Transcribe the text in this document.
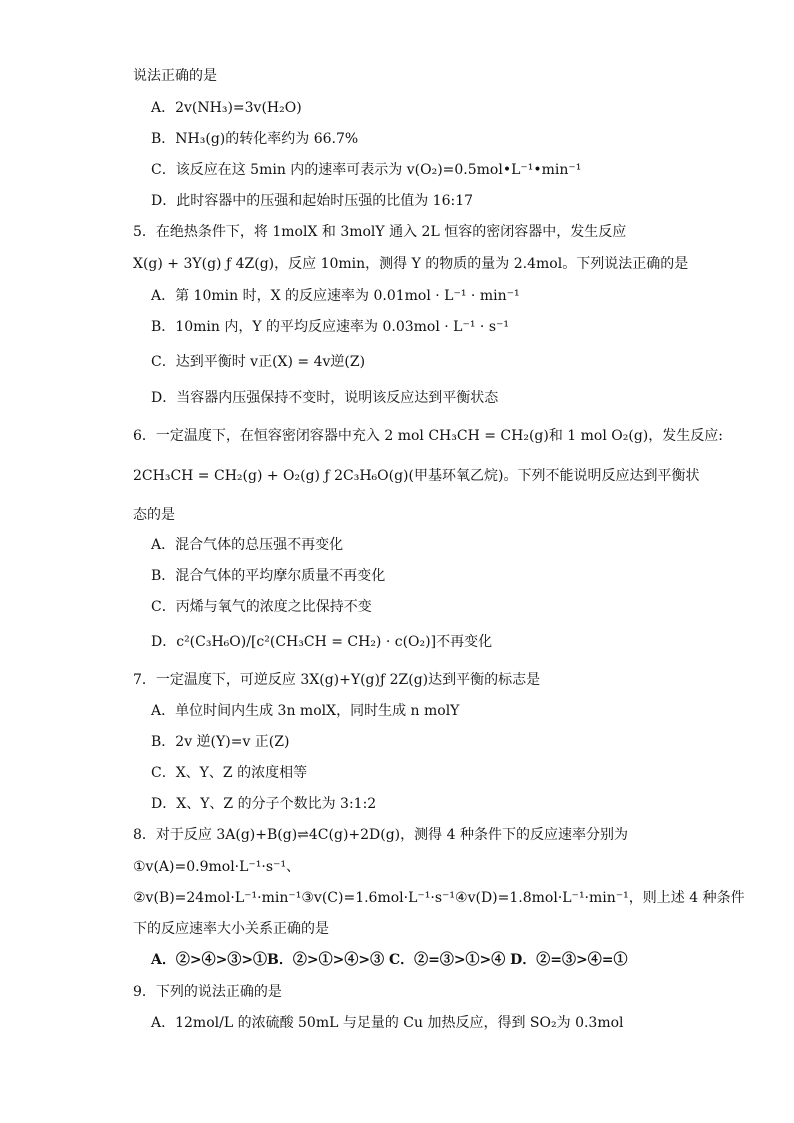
说法正确的是
A．2v(NH₃)=3v(H₂O)
B．NH₃(g)的转化率约为 66.7%
C．该反应在这 5min 内的速率可表示为 v(O₂)=0.5mol•L⁻¹•min⁻¹
D．此时容器中的压强和起始时压强的比值为 16:17
5．在绝热条件下，将 1molX 和 3molY 通入 2L 恒容的密闭容器中，发生反应
X(g) + 3Y(g) ƒ 4Z(g)，反应 10min，测得 Y 的物质的量为 2.4mol。下列说法正确的是
A．第 10min 时，X 的反应速率为 0.01mol · L⁻¹ · min⁻¹
B．10min 内，Y 的平均反应速率为 0.03mol · L⁻¹ · s⁻¹
C．达到平衡时 v正(X) = 4v逆(Z)
D．当容器内压强保持不变时，说明该反应达到平衡状态
6．一定温度下，在恒容密闭容器中充入 2 mol CH₃CH = CH₂(g)和 1 mol O₂(g)，发生反应:
2CH₃CH = CH₂(g) + O₂(g) ƒ 2C₃H₆O(g)(甲基环氧乙烷)。下列不能说明反应达到平衡状
态的是
A．混合气体的总压强不再变化
B．混合气体的平均摩尔质量不再变化
C．丙烯与氧气的浓度之比保持不变
D．c²(C₃H₆O)/[c²(CH₃CH = CH₂) · c(O₂)]不再变化
7．一定温度下，可逆反应 3X(g)+Y(g)ƒ 2Z(g)达到平衡的标志是
A．单位时间内生成 3n molX，同时生成 n molY
B．2v 逆(Y)=v 正(Z)
C．X、Y、Z 的浓度相等
D．X、Y、Z 的分子个数比为 3:1:2
8．对于反应 3A(g)+B(g)⇌4C(g)+2D(g)，测得 4 种条件下的反应速率分别为
①v(A)=0.9mol·L⁻¹·s⁻¹、
②v(B)=24mol·L⁻¹·min⁻¹③v(C)=1.6mol·L⁻¹·s⁻¹④v(D)=1.8mol·L⁻¹·min⁻¹，则上述 4 种条件
下的反应速率大小关系正确的是
A．②>④>③>①B．②>①>④>③ C．②=③>①>④ D．②=③>④=①
9．下列的说法正确的是
A．12mol/L 的浓硫酸 50mL 与足量的 Cu 加热反应，得到 SO₂为 0.3mol
